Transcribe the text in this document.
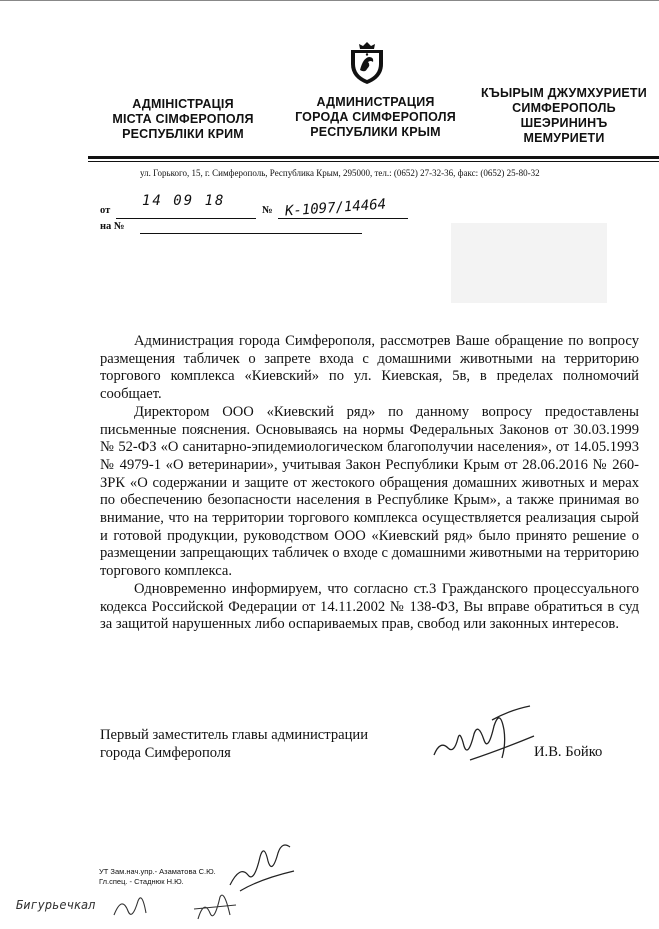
АДМІНІСТРАЦІЯ
МІСТА СІМФЕРОПОЛЯ
РЕСПУБЛІКИ КРИМ
АДМИНИСТРАЦИЯ
ГОРОДА СИМФЕРОПОЛЯ
РЕСПУБЛИКИ КРЫМ
КЪЫРЫМ ДЖУМХУРИЕТИ
СИМФЕРОПОЛЬ
ШЕЭРИНИНЪ
МЕМУРИЕТИ
ул. Горького, 15, г. Симферополь, Республика Крым, 295000, тел.: (0652) 27-32-36, факс: (0652) 25-80-32
от
14 09 18
№ К-1097/14464
на №

Администрация города Симферополя, рассмотрев Ваше обращение по вопросу размещения табличек о запрете входа с домашними животными на территорию торгового комплекса «Киевский» по ул. Киевская, 5в, в пределах полномочий сообщает.

Директором ООО «Киевский ряд» по данному вопросу предоставлены письменные пояснения. Основываясь на нормы Федеральных Законов от 30.03.1999 № 52-ФЗ «О санитарно-эпидемиологическом благополучии населения», от 14.05.1993 № 4979-1 «О ветеринарии», учитывая Закон Республики Крым от 28.06.2016 № 260-ЗРК «О содержании и защите от жестокого обращения домашних животных и мерах по обеспечению безопасности населения в Республике Крым», а также принимая во внимание, что на территории торгового комплекса осуществляется реализация сырой и готовой продукции, руководством ООО «Киевский ряд» было принято решение о размещении запрещающих табличек о входе с домашними животными на территорию торгового комплекса.

Одновременно информируем, что согласно ст.3 Гражданского процессуального кодекса Российской Федерации от 14.11.2002 № 138-ФЗ, Вы вправе обратиться в суд за защитой нарушенных либо оспариваемых прав, свобод или законных интересов.

Первый заместитель главы администрации
города Симферополя	И.В. Бойко
УТ Зам.нач.упр.- Азаматова С.Ю.
Гл.спец. - Стаднюк Н.Ю.
Бигурьечкал
